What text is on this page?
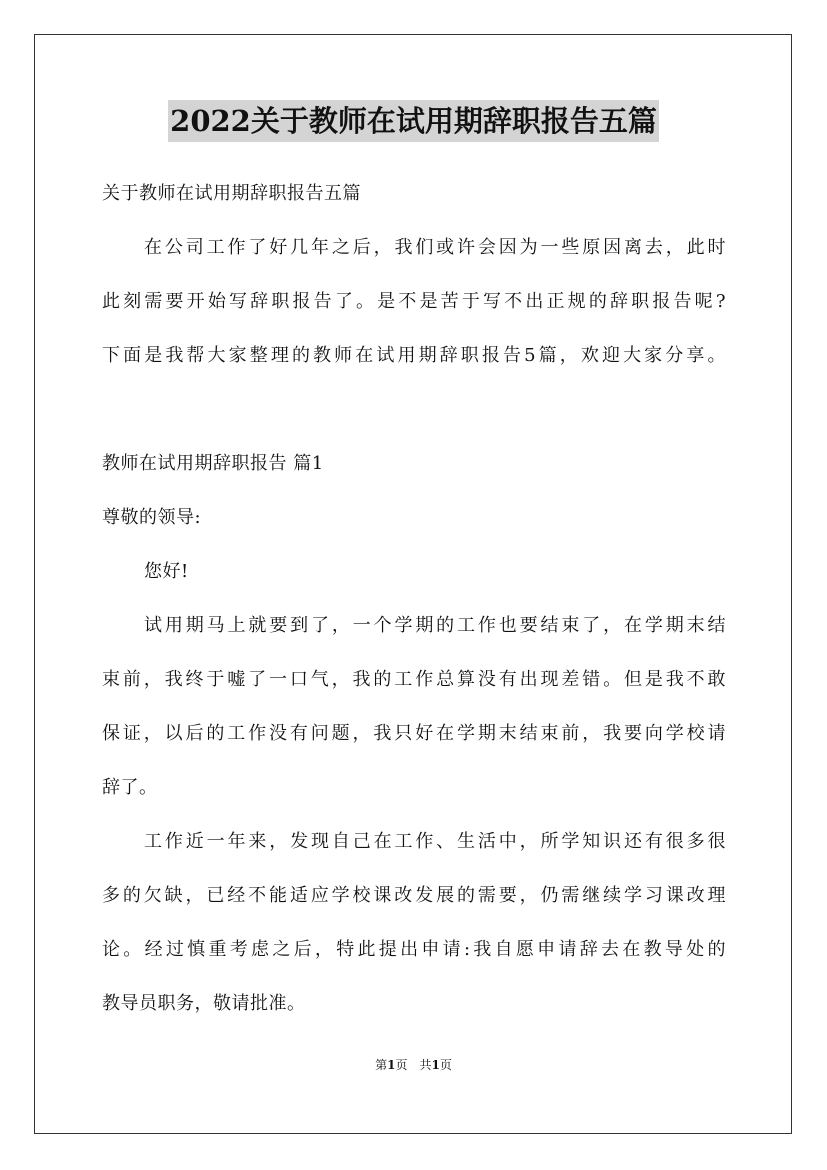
2022关于教师在试用期辞职报告五篇
关于教师在试用期辞职报告五篇
在公司工作了好几年之后，我们或许会因为一些原因离去，此时
此刻需要开始写辞职报告了。是不是苦于写不出正规的辞职报告呢?
下面是我帮大家整理的教师在试用期辞职报告5篇，欢迎大家分享。
教师在试用期辞职报告 篇1
尊敬的领导:
您好!
试用期马上就要到了，一个学期的工作也要结束了，在学期末结
束前，我终于嘘了一口气，我的工作总算没有出现差错。但是我不敢
保证，以后的工作没有问题，我只好在学期末结束前，我要向学校请
辞了。
工作近一年来，发现自己在工作、生活中，所学知识还有很多很
多的欠缺，已经不能适应学校课改发展的需要，仍需继续学习课改理
论。经过慎重考虑之后，特此提出申请:我自愿申请辞去在教导处的
教导员职务，敬请批准。
第1页　共1页
